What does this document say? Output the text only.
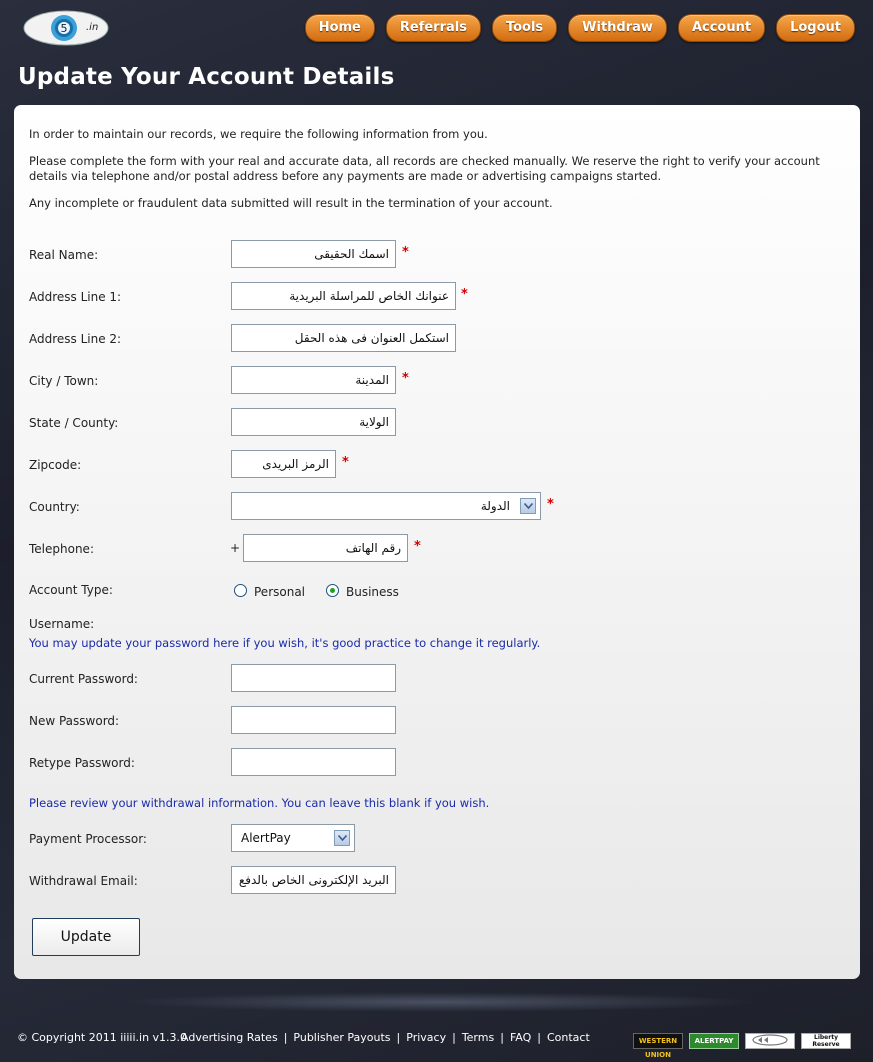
5 .in	Home	Referrals	Tools	Withdraw	Account	Logout
Update Your Account Details
In order to maintain our records, we require the following information from you.
Please complete the form with your real and accurate data, all records are checked manually. We reserve the right to verify your account details via telephone and/or postal address before any payments are made or advertising campaigns started.
Any incomplete or fraudulent data submitted will result in the termination of your account.
Real Name:	اسمك الحقيقى	*
Address Line 1:	عنوانك الخاص للمراسلة البريدية *
Address Line 2:	استكمل العنوان فى هذه الحقل
City / Town:	المدينة	*
State / County:	الولاية
Zipcode:	الرمز البريدى	*
Country:	الدولة	*
Telephone:	+	رقم الهاتف	*
Account Type:	Personal	Business
Username:
You may update your password here if you wish, it's good practice to change it regularly.
Current Password:
New Password:
Retype Password:
Please review your withdrawal information. You can leave this blank if you wish.
Payment Processor:	AlertPay
Withdrawal Email:	البريد الإلكترونى الخاص بالدفع
Update
© Copyright 2011 iiiii.in v1.3.0
Advertising Rates | Publisher Payouts | Privacy | Terms | FAQ | Contact	WESTERN UNION
ALERTPAY	Liberty Reserve
